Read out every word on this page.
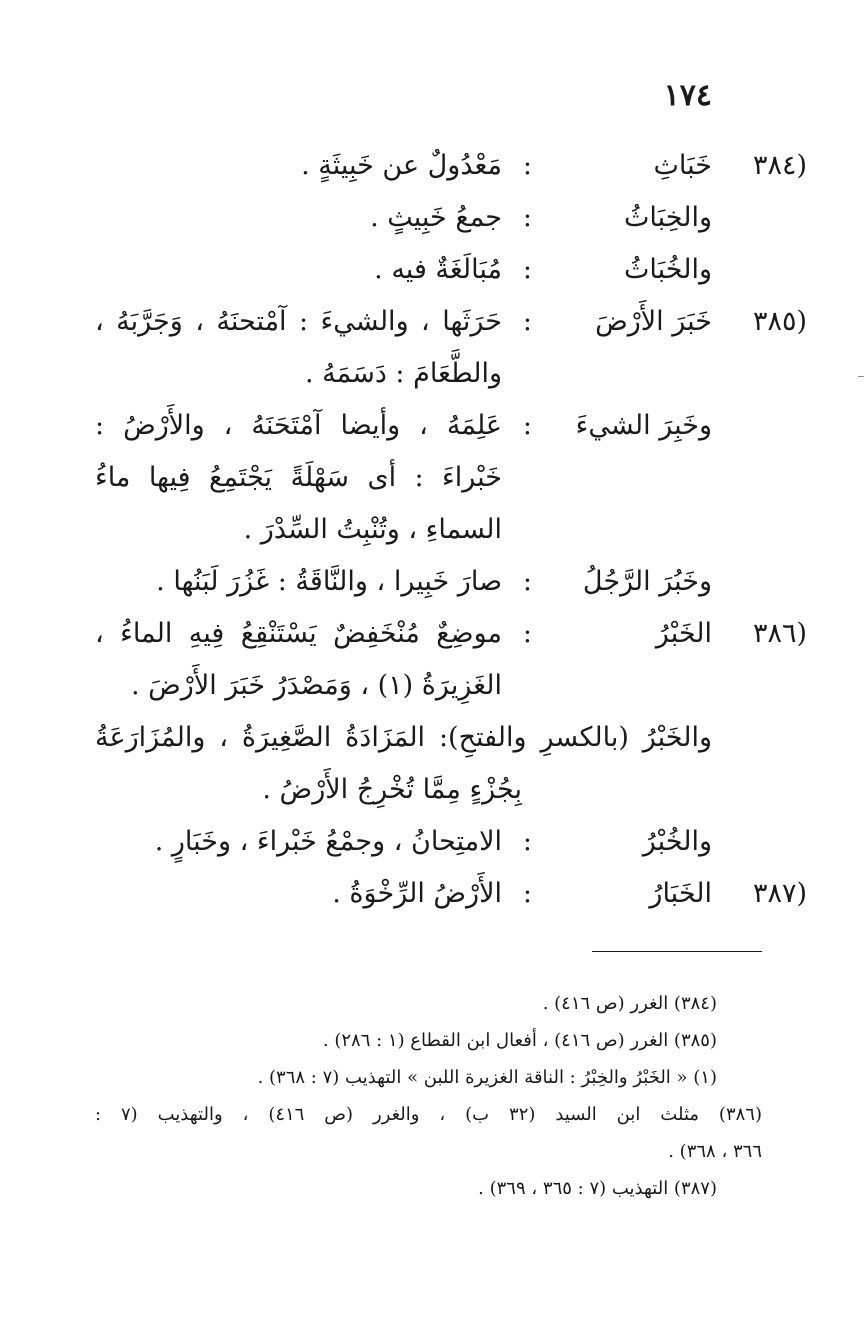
١٧٤
(٣٨٤
خَبَاثِ
:
مَعْدُولٌ عن خَبِيثَةٍ .
والخِبَاثُ
:
جمعُ خَبِيثٍ .
والخُبَاثُ
:
مُبَالَغَةٌ فيه .
(٣٨٥
خَبَرَ الأَرْضَ
:
حَرَثَها ، والشيءَ : آمْتحنَهُ ، وَجَرَّبَهُ ،
والطَّعَامَ : دَسَمَهُ .
وخَبِرَ الشيءَ
:
عَلِمَهُ ، وأيضا آمْتَحَنَهُ ، والأَرْضُ :
خَبْراءَ : أى سَهْلَةً يَجْتَمِعُ فِيها ماءُ
السماءِ ، وتُنْبِتُ السِّدْرَ .
وخَبُرَ الرَّجُلُ
:
صارَ خَبِيرا ، والنَّاقَةُ : غَزُرَ لَبَنُها .
(٣٨٦
الخَبْرُ
:
موضِعٌ مُنْخَفِضٌ يَسْتَنْقِعُ فِيهِ الماءُ ،
الغَزِيرَةُ (١) ، وَمَصْدَرُ خَبَرَ الأَرْضَ .
والخَبْرُ (بالكسرِ والفتحِ): المَزَادَةُ الصَّغِيرَةُ ، والمُزَارَعَةُ
بِجُزْءٍ مِمَّا تُخْرِجُ الأَرْضُ .
والخُبْرُ
:
الامتِحانُ ، وجمْعُ خَبْراءَ ، وخَبَارٍ .
(٣٨٧
الخَبَارُ
:
الأَرْضُ الرِّخْوَةُ .
(٣٨٤) الغرر (ص ٤١٦) .
(٣٨٥) الغرر (ص ٤١٦) ، أفعال ابن القطاع (١ : ٢٨٦) .
(١) « الخَبْرُ والخِبْرُ : الناقة الغزيرة اللبن » التهذيب (٧ : ٣٦٨) .
(٣٨٦) مثلث ابن السيد (٣٢ ب) ، والغرر (ص ٤١٦) ، والتهذيب (٧ :
٣٦٦ ، ٣٦٨) .
(٣٨٧) التهذيب (٧ : ٣٦٥ ، ٣٦٩) .
